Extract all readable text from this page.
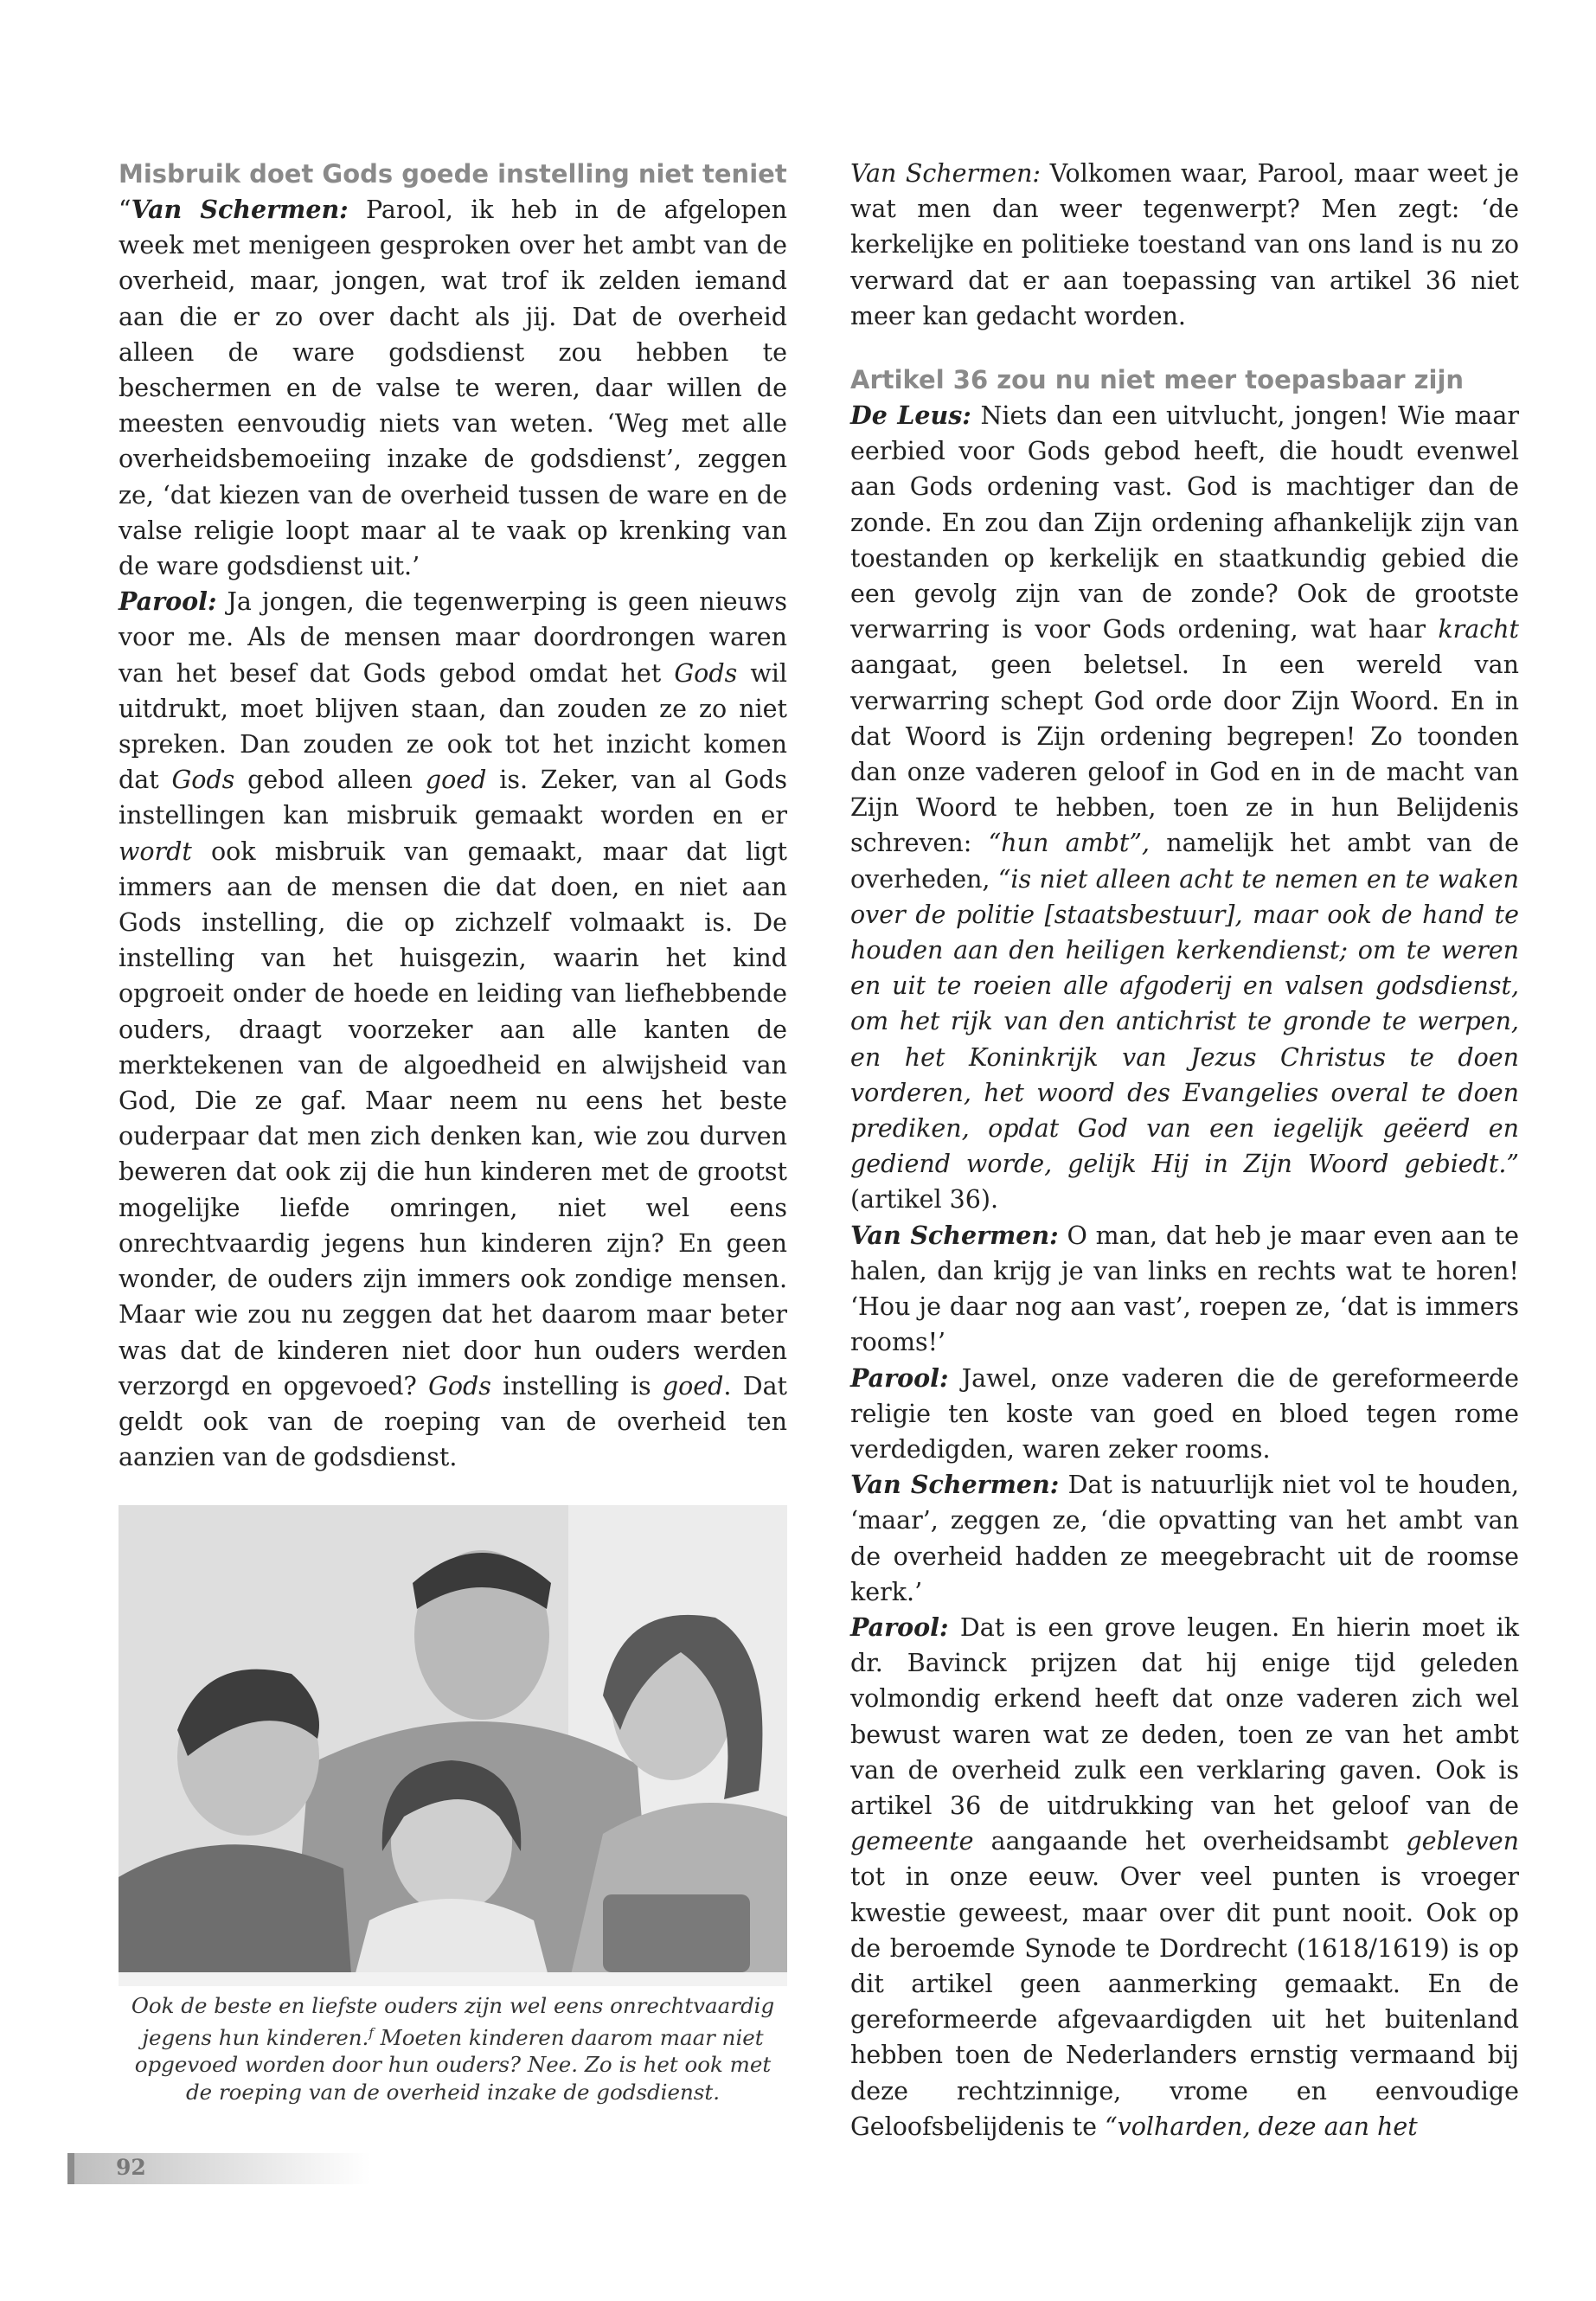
Misbruik doet Gods goede instelling niet teniet

“Van Schermen: Parool, ik heb in de afgelopen week met menigeen gesproken over het ambt van de overheid, maar, jongen, wat trof ik zelden iemand aan die er zo over dacht als jij. Dat de overheid alleen de ware godsdienst zou hebben te beschermen en de valse te weren, daar willen de meesten eenvoudig niets van weten. ‘Weg met alle overheidsbemoeiing inzake de godsdienst’, zeggen ze, ‘dat kiezen van de overheid tussen de ware en de valse religie loopt maar al te vaak op krenking van de ware godsdienst uit.’

Parool: Ja jongen, die tegenwerping is geen nieuws voor me. Als de mensen maar doordrongen waren van het besef dat Gods gebod omdat het Gods wil uitdrukt, moet blijven staan, dan zouden ze zo niet spreken. Dan zouden ze ook tot het inzicht komen dat Gods gebod alleen goed is. Zeker, van al Gods instellingen kan misbruik gemaakt worden en er wordt ook misbruik van gemaakt, maar dat ligt immers aan de mensen die dat doen, en niet aan Gods instelling, die op zichzelf volmaakt is. De instelling van het huisgezin, waarin het kind opgroeit onder de hoede en leiding van liefhebbende ouders, draagt voorzeker aan alle kanten de merktekenen van de algoedheid en alwijsheid van God, Die ze gaf. Maar neem nu eens het beste ouderpaar dat men zich denken kan, wie zou durven beweren dat ook zij die hun kinderen met de grootst mogelijke liefde omringen, niet wel eens onrechtvaardig jegens hun kinderen zijn? En geen wonder, de ouders zijn immers ook zondige mensen. Maar wie zou nu zeggen dat het daarom maar beter was dat de kinderen niet door hun ouders werden verzorgd en opgevoed? Gods instelling is goed. Dat geldt ook van de roeping van de overheid ten aanzien van de godsdienst.

Ook de beste en liefste ouders zijn wel eens onrechtvaardig jegens hun kinderen.$^f$ Moeten kinderen daarom maar niet opgevoed worden door hun ouders? Nee. Zo is het ook met de roeping van de overheid inzake de godsdienst.

Van Schermen: Volkomen waar, Parool, maar weet je wat men dan weer tegenwerpt? Men zegt: ‘de kerkelijke en politieke toestand van ons land is nu zo verward dat er aan toepassing van artikel 36 niet meer kan gedacht worden.

Artikel 36 zou nu niet meer toepasbaar zijn

De Leus: Niets dan een uitvlucht, jongen! Wie maar eerbied voor Gods gebod heeft, die houdt evenwel aan Gods ordening vast. God is machtiger dan de zonde. En zou dan Zijn ordening afhankelijk zijn van toestanden op kerkelijk en staatkundig gebied die een gevolg zijn van de zonde? Ook de grootste verwarring is voor Gods ordening, wat haar kracht aangaat, geen beletsel. In een wereld van verwarring schept God orde door Zijn Woord. En in dat Woord is Zijn ordening begrepen! Zo toonden dan onze vaderen geloof in God en in de macht van Zijn Woord te hebben, toen ze in hun Belijdenis schreven: “hun ambt”, namelijk het ambt van de overheden, “is niet alleen acht te nemen en te waken over de politie [staatsbestuur], maar ook de hand te houden aan den heiligen kerkendienst; om te weren en uit te roeien alle afgoderij en valsen godsdienst, om het rijk van den antichrist te gronde te werpen, en het Koninkrijk van Jezus Christus te doen vorderen, het woord des Evangelies overal te doen prediken, opdat God van een iegelijk geëerd en gediend worde, gelijk Hij in Zijn Woord gebiedt.” (artikel 36).

Van Schermen: O man, dat heb je maar even aan te halen, dan krijg je van links en rechts wat te horen! ‘Hou je daar nog aan vast’, roepen ze, ‘dat is immers rooms!’

Parool: Jawel, onze vaderen die de gereformeerde religie ten koste van goed en bloed tegen rome verdedigden, waren zeker rooms.

Van Schermen: Dat is natuurlijk niet vol te houden, ‘maar’, zeggen ze, ‘die opvatting van het ambt van de overheid hadden ze meegebracht uit de roomse kerk.’

Parool: Dat is een grove leugen. En hierin moet ik dr. Bavinck prijzen dat hij enige tijd geleden volmondig erkend heeft dat onze vaderen zich wel bewust waren wat ze deden, toen ze van het ambt van de overheid zulk een verklaring gaven. Ook is artikel 36 de uitdrukking van het geloof van de gemeente aangaande het overheidsambt gebleven tot in onze eeuw. Over veel punten is vroeger kwestie geweest, maar over dit punt nooit. Ook op de beroemde Synode te Dordrecht (1618/1619) is op dit artikel geen aanmerking gemaakt. En de gereformeerde afgevaardigden uit het buitenland hebben toen de Nederlanders ernstig vermaand bij deze rechtzinnige, vrome en eenvoudige Geloofsbelijdenis te “volharden, deze aan het

92
